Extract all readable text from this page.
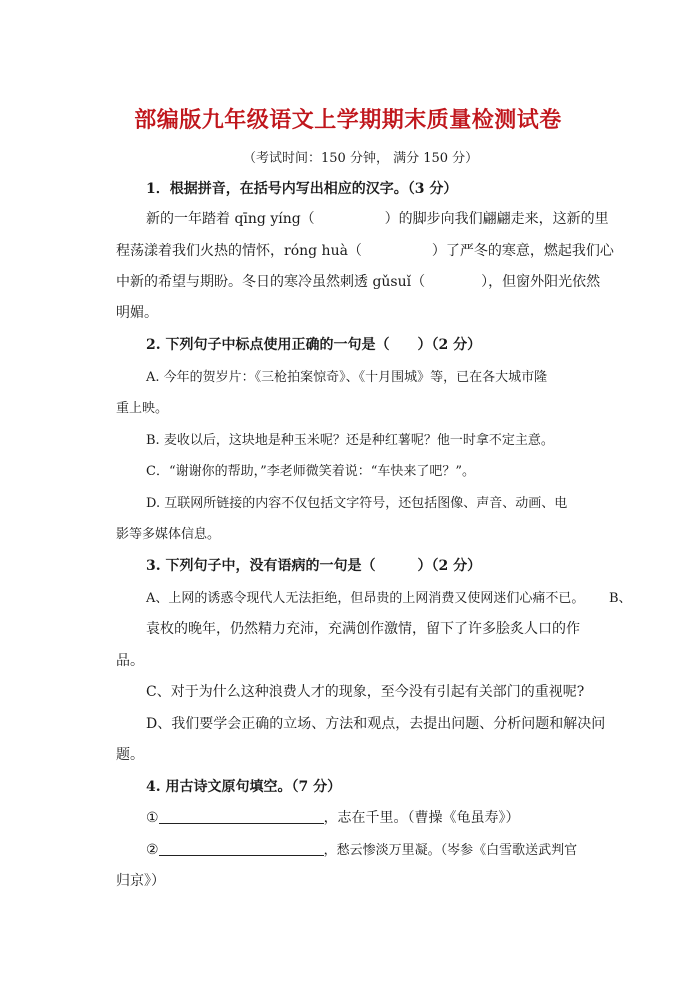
部编版九年级语文上学期期末质量检测试卷
（考试时间：150 分钟， 满分 150 分）
1．根据拼音，在括号内写出相应的汉字。（3 分）
新的一年踏着 qīng yíng（　　　　　）的脚步向我们翩翩走来，这新的里
程荡漾着我们火热的情怀，róng huà（　　　　　）了严冬的寒意，燃起我们心
中新的希望与期盼。冬日的寒冷虽然刺透 gǔsuǐ（　　　　），但窗外阳光依然
明媚。
2. 下列句子中标点使用正确的一句是（　　）（2 分）
A. 今年的贺岁片：《三枪拍案惊奇》、《十月围城》等，已在各大城市隆
重上映。
B. 麦收以后，这块地是种玉米呢？还是种红薯呢？他一时拿不定主意。
C．“谢谢你的帮助，”李老师微笑着说：“车快来了吧？”。
D. 互联网所链接的内容不仅包括文字符号，还包括图像、声音、动画、电
影等多媒体信息。
3. 下列句子中，没有语病的一句是（　　　）（2 分）
A、上网的诱惑令现代人无法拒绝，但昂贵的上网消费又使网迷们心痛不已。 B、
袁枚的晚年，仍然精力充沛，充满创作激情，留下了许多脍炙人口的作
品。
C、对于为什么这种浪费人才的现象，至今没有引起有关部门的重视呢?
D、我们要学会正确的立场、方法和观点，去提出问题、分析问题和解决问
题。
4. 用古诗文原句填空。（7 分）
①	，志在千里。（曹操《龟虽寿》）
②	，愁云惨淡万里凝。（岑参《白雪歌送武判官
归京》）
